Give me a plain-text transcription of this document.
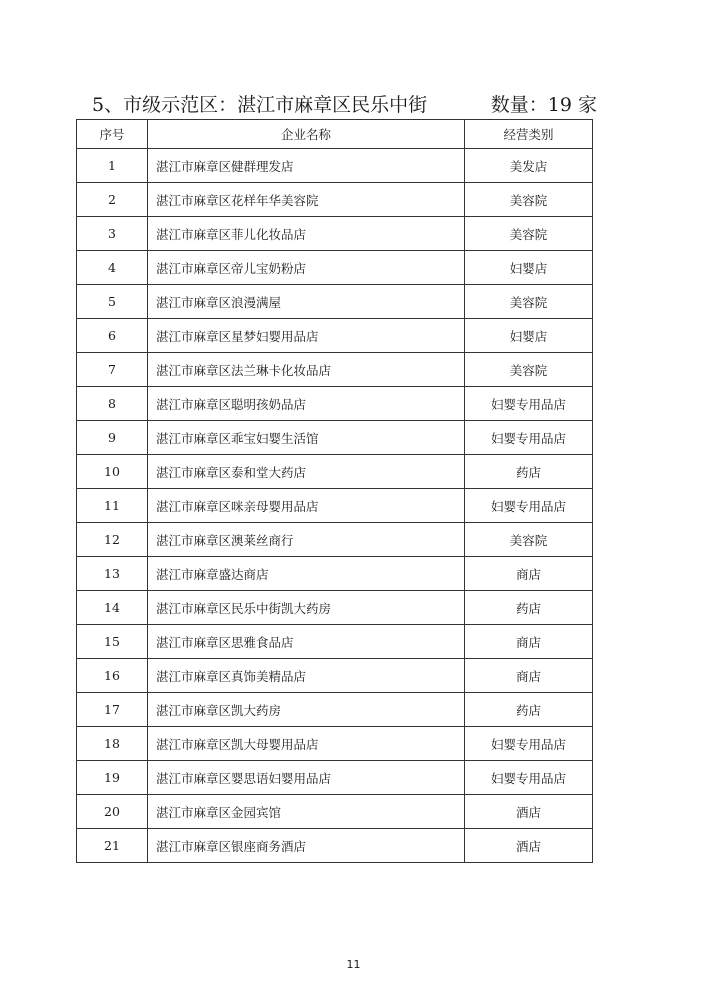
5、市级示范区：湛江市麻章区民乐中街	数量：19 家
序号	企业名称	经营类别
1	湛江市麻章区健群理发店	美发店
2	湛江市麻章区花样年华美容院	美容院
3	湛江市麻章区菲儿化妆品店	美容院
4	湛江市麻章区帝儿宝奶粉店	妇婴店
5	湛江市麻章区浪漫满屋	美容院
6	湛江市麻章区星梦妇婴用品店	妇婴店
7	湛江市麻章区法兰琳卡化妆品店	美容院
8	湛江市麻章区聪明孩奶品店	妇婴专用品店
9	湛江市麻章区乖宝妇婴生活馆	妇婴专用品店
10	湛江市麻章区泰和堂大药店	药店
11	湛江市麻章区咪亲母婴用品店	妇婴专用品店
12	湛江市麻章区澳莱丝商行	美容院
13	湛江市麻章盛达商店	商店
14	湛江市麻章区民乐中街凯大药房	药店
15	湛江市麻章区思雅食品店	商店
16	湛江市麻章区真饰美精品店	商店
17	湛江市麻章区凯大药房	药店
18	湛江市麻章区凯大母婴用品店	妇婴专用品店
19	湛江市麻章区婴思语妇婴用品店	妇婴专用品店
20	湛江市麻章区金园宾馆	酒店
21	湛江市麻章区银座商务酒店	酒店
11
